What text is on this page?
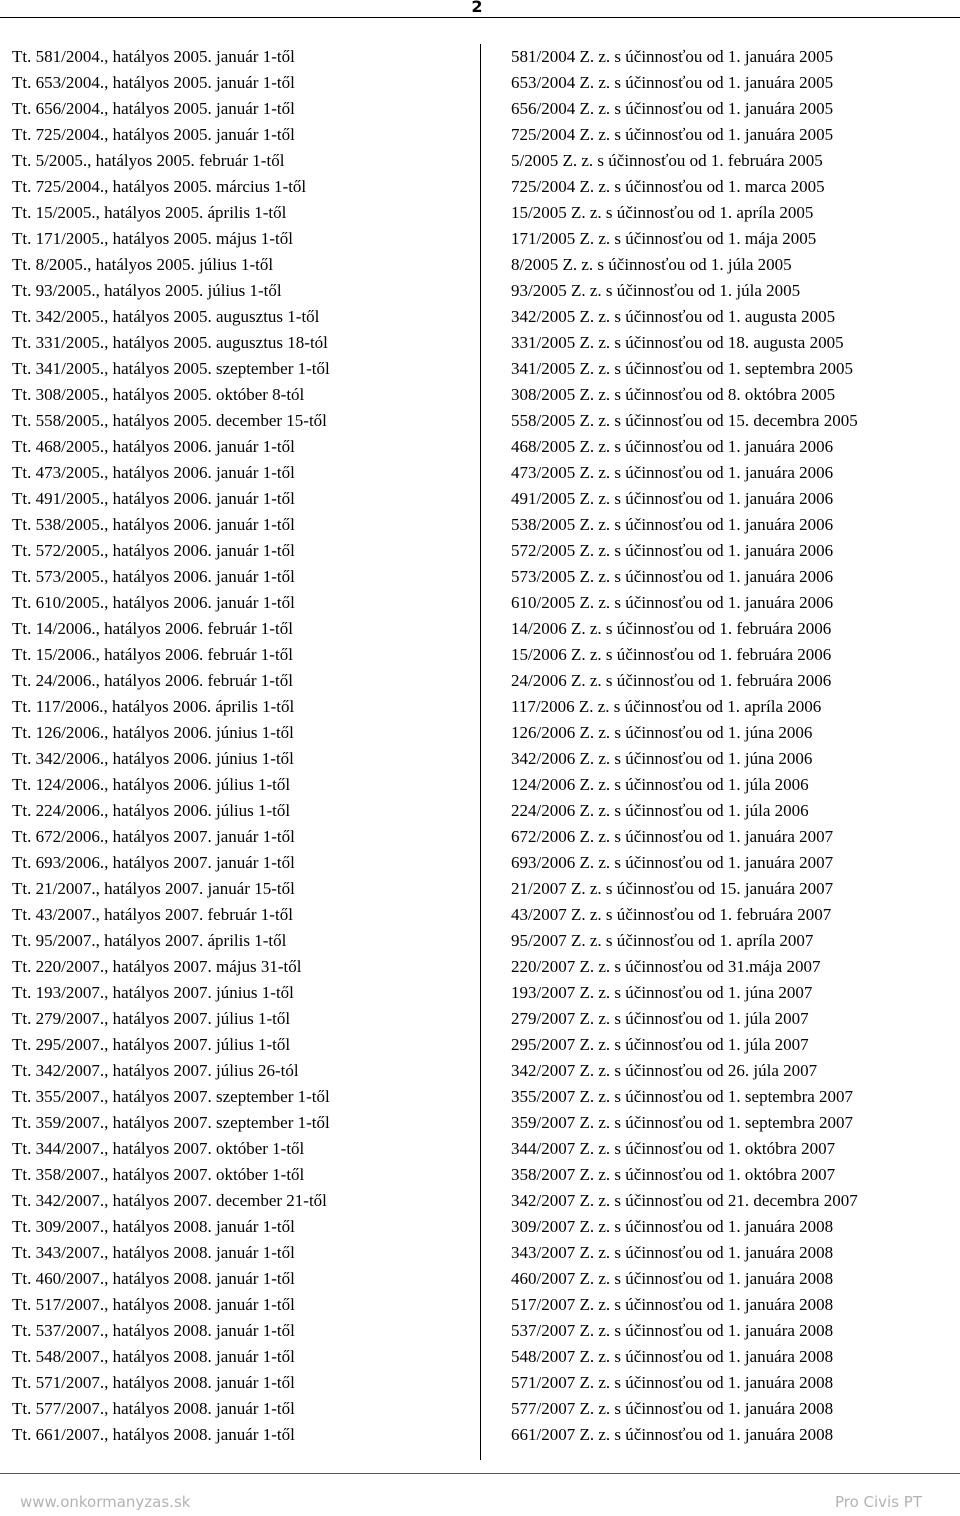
2
Tt. 581/2004., hatályos 2005. január 1-től
Tt. 653/2004., hatályos 2005. január 1-től
Tt. 656/2004., hatályos 2005. január 1-től
Tt. 725/2004., hatályos 2005. január 1-től
Tt. 5/2005., hatályos 2005. február 1-től
Tt. 725/2004., hatályos 2005. március 1-től
Tt. 15/2005., hatályos 2005. április 1-től
Tt. 171/2005., hatályos 2005. május 1-től
Tt. 8/2005., hatályos 2005. július 1-től
Tt. 93/2005., hatályos 2005. július 1-től
Tt. 342/2005., hatályos 2005. augusztus 1-től
Tt. 331/2005., hatályos 2005. augusztus 18-tól
Tt. 341/2005., hatályos 2005. szeptember 1-től
Tt. 308/2005., hatályos 2005. október 8-tól
Tt. 558/2005., hatályos 2005. december 15-től
Tt. 468/2005., hatályos 2006. január 1-től
Tt. 473/2005., hatályos 2006. január 1-től
Tt. 491/2005., hatályos 2006. január 1-től
Tt. 538/2005., hatályos 2006. január 1-től
Tt. 572/2005., hatályos 2006. január 1-től
Tt. 573/2005., hatályos 2006. január 1-től
Tt. 610/2005., hatályos 2006. január 1-től
Tt. 14/2006., hatályos 2006. február 1-től
Tt. 15/2006., hatályos 2006. február 1-től
Tt. 24/2006., hatályos 2006. február 1-től
Tt. 117/2006., hatályos 2006. április 1-től
Tt. 126/2006., hatályos 2006. június 1-től
Tt. 342/2006., hatályos 2006. június 1-től
Tt. 124/2006., hatályos 2006. július 1-től
Tt. 224/2006., hatályos 2006. július 1-től
Tt. 672/2006., hatályos 2007. január 1-től
Tt. 693/2006., hatályos 2007. január 1-től
Tt. 21/2007., hatályos 2007. január 15-től
Tt. 43/2007., hatályos 2007. február 1-től
Tt. 95/2007., hatályos 2007. április 1-től
Tt. 220/2007., hatályos 2007. május 31-től
Tt. 193/2007., hatályos 2007. június 1-től
Tt. 279/2007., hatályos 2007. július 1-től
Tt. 295/2007., hatályos 2007. július 1-től
Tt. 342/2007., hatályos 2007. július 26-tól
Tt. 355/2007., hatályos 2007. szeptember 1-től
Tt. 359/2007., hatályos 2007. szeptember 1-től
Tt. 344/2007., hatályos 2007. október 1-től
Tt. 358/2007., hatályos 2007. október 1-től
Tt. 342/2007., hatályos 2007. december 21-től
Tt. 309/2007., hatályos 2008. január 1-től
Tt. 343/2007., hatályos 2008. január 1-től
Tt. 460/2007., hatályos 2008. január 1-től
Tt. 517/2007., hatályos 2008. január 1-től
Tt. 537/2007., hatályos 2008. január 1-től
Tt. 548/2007., hatályos 2008. január 1-től
Tt. 571/2007., hatályos 2008. január 1-től
Tt. 577/2007., hatályos 2008. január 1-től
Tt. 661/2007., hatályos 2008. január 1-től
581/2004 Z. z. s účinnosťou od 1. januára 2005
653/2004 Z. z. s účinnosťou od 1. januára 2005
656/2004 Z. z. s účinnosťou od 1. januára 2005
725/2004 Z. z. s účinnosťou od 1. januára 2005
5/2005 Z. z. s účinnosťou od 1. februára 2005
725/2004 Z. z. s účinnosťou od 1. marca 2005
15/2005 Z. z. s účinnosťou od 1. apríla 2005
171/2005 Z. z. s účinnosťou od 1. mája 2005
8/2005 Z. z. s účinnosťou od 1. júla 2005
93/2005 Z. z. s účinnosťou od 1. júla 2005
342/2005 Z. z. s účinnosťou od 1. augusta 2005
331/2005 Z. z. s účinnosťou od 18. augusta 2005
341/2005 Z. z. s účinnosťou od 1. septembra 2005
308/2005 Z. z. s účinnosťou od 8. októbra 2005
558/2005 Z. z. s účinnosťou od 15. decembra 2005
468/2005 Z. z. s účinnosťou od 1. januára 2006
473/2005 Z. z. s účinnosťou od 1. januára 2006
491/2005 Z. z. s účinnosťou od 1. januára 2006
538/2005 Z. z. s účinnosťou od 1. januára 2006
572/2005 Z. z. s účinnosťou od 1. januára 2006
573/2005 Z. z. s účinnosťou od 1. januára 2006
610/2005 Z. z. s účinnosťou od 1. januára 2006
14/2006 Z. z. s účinnosťou od 1. februára 2006
15/2006 Z. z. s účinnosťou od 1. februára 2006
24/2006 Z. z. s účinnosťou od 1. februára 2006
117/2006 Z. z. s účinnosťou od 1. apríla 2006
126/2006 Z. z. s účinnosťou od 1. júna 2006
342/2006 Z. z. s účinnosťou od 1. júna 2006
124/2006 Z. z. s účinnosťou od 1. júla 2006
224/2006 Z. z. s účinnosťou od 1. júla 2006
672/2006 Z. z. s účinnosťou od 1. januára 2007
693/2006 Z. z. s účinnosťou od 1. januára 2007
21/2007 Z. z. s účinnosťou od 15. januára 2007
43/2007 Z. z. s účinnosťou od 1. februára 2007
95/2007 Z. z. s účinnosťou od 1. apríla 2007
220/2007 Z. z. s účinnosťou od 31.mája 2007
193/2007 Z. z. s účinnosťou od 1. júna 2007
279/2007 Z. z. s účinnosťou od 1. júla 2007
295/2007 Z. z. s účinnosťou od 1. júla 2007
342/2007 Z. z. s účinnosťou od 26. júla 2007
355/2007 Z. z. s účinnosťou od 1. septembra 2007
359/2007 Z. z. s účinnosťou od 1. septembra 2007
344/2007 Z. z. s účinnosťou od 1. októbra 2007
358/2007 Z. z. s účinnosťou od 1. októbra 2007
342/2007 Z. z. s účinnosťou od 21. decembra 2007
309/2007 Z. z. s účinnosťou od 1. januára 2008
343/2007 Z. z. s účinnosťou od 1. januára 2008
460/2007 Z. z. s účinnosťou od 1. januára 2008
517/2007 Z. z. s účinnosťou od 1. januára 2008
537/2007 Z. z. s účinnosťou od 1. januára 2008
548/2007 Z. z. s účinnosťou od 1. januára 2008
571/2007 Z. z. s účinnosťou od 1. januára 2008
577/2007 Z. z. s účinnosťou od 1. januára 2008
661/2007 Z. z. s účinnosťou od 1. januára 2008
www.onkormanyzas.sk	Pro Civis PT
